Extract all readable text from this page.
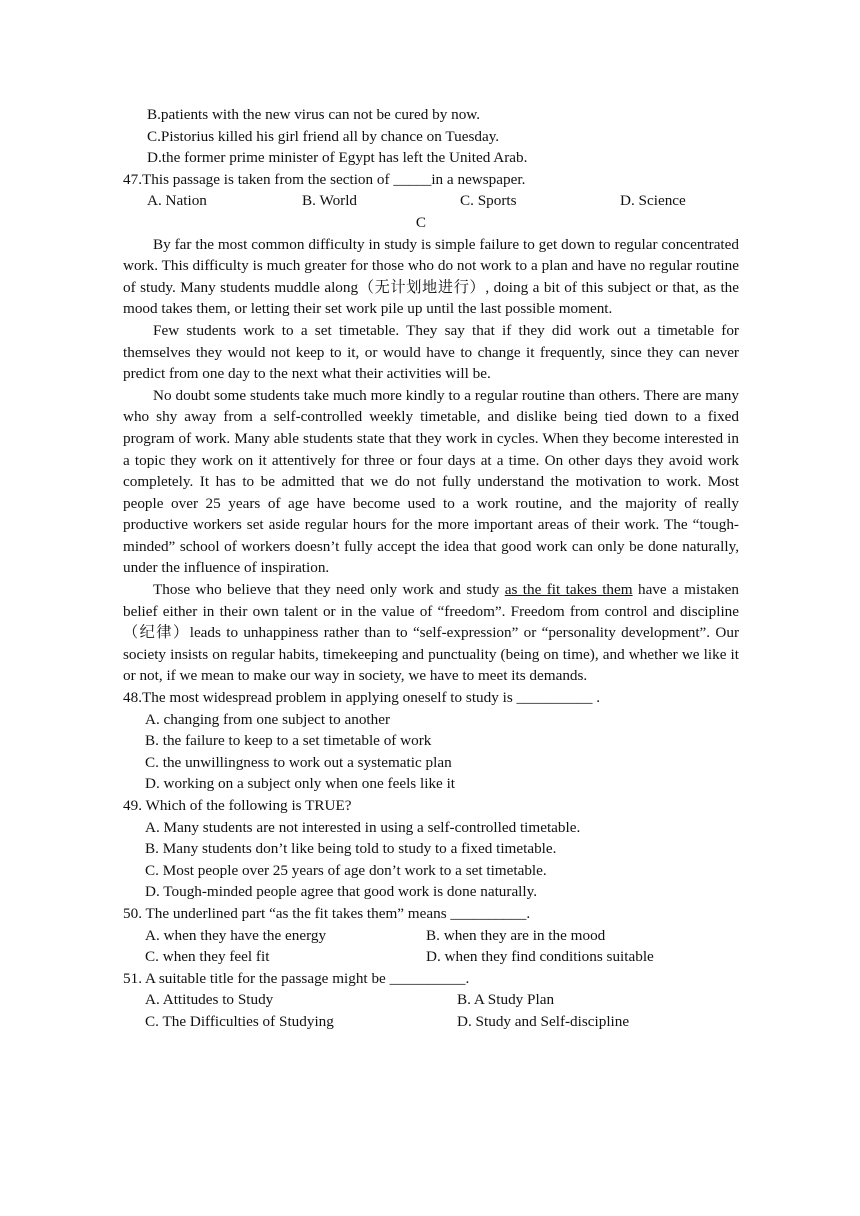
B.patients with the new virus can not be cured by now.
C.Pistorius killed his girl friend all by chance on Tuesday.
D.the former prime minister of Egypt has left the United Arab.
47.This passage is taken from the section of _____in a newspaper.
A. Nation	B. World	C. Sports	D. Science
C

By far the most common difficulty in study is simple failure to get down to regular concentrated work. This difficulty is much greater for those who do not work to a plan and have no regular routine of study. Many students muddle along（无计划地进行）, doing a bit of this subject or that, as the mood takes them, or letting their set work pile up until the last possible moment.

Few students work to a set timetable. They say that if they did work out a timetable for themselves they would not keep to it, or would have to change it frequently, since they can never predict from one day to the next what their activities will be.

No doubt some students take much more kindly to a regular routine than others. There are many who shy away from a self-controlled weekly timetable, and dislike being tied down to a fixed program of work. Many able students state that they work in cycles. When they become interested in a topic they work on it attentively for three or four days at a time. On other days they avoid work completely. It has to be admitted that we do not fully understand the motivation to work. Most people over 25 years of age have become used to a work routine, and the majority of really productive workers set aside regular hours for the more important areas of their work. The “tough-minded” school of workers doesn’t fully accept the idea that good work can only be done naturally, under the influence of inspiration.

Those who believe that they need only work and study as the fit takes them have a mistaken belief either in their own talent or in the value of “freedom”. Freedom from control and discipline（纪律）leads to unhappiness rather than to “self-expression” or “personality development”. Our society insists on regular habits, timekeeping and punctuality (being on time), and whether we like it or not, if we mean to make our way in society, we have to meet its demands.

48.The most widespread problem in applying oneself to study is __________ .
A. changing from one subject to another
B. the failure to keep to a set timetable of work
C. the unwillingness to work out a systematic plan
D. working on a subject only when one feels like it
49. Which of the following is TRUE?
A. Many students are not interested in using a self-controlled timetable.
B. Many students don’t like being told to study to a fixed timetable.
C. Most people over 25 years of age don’t work to a set timetable.
D. Tough-minded people agree that good work is done naturally.
50. The underlined part “as the fit takes them” means __________.
A. when they have the energy	B. when they are in the mood
C. when they feel fit	D. when they find conditions suitable
51. A suitable title for the passage might be __________.
A. Attitudes to Study	B. A Study Plan
C. The Difficulties of Studying	D. Study and Self-discipline
